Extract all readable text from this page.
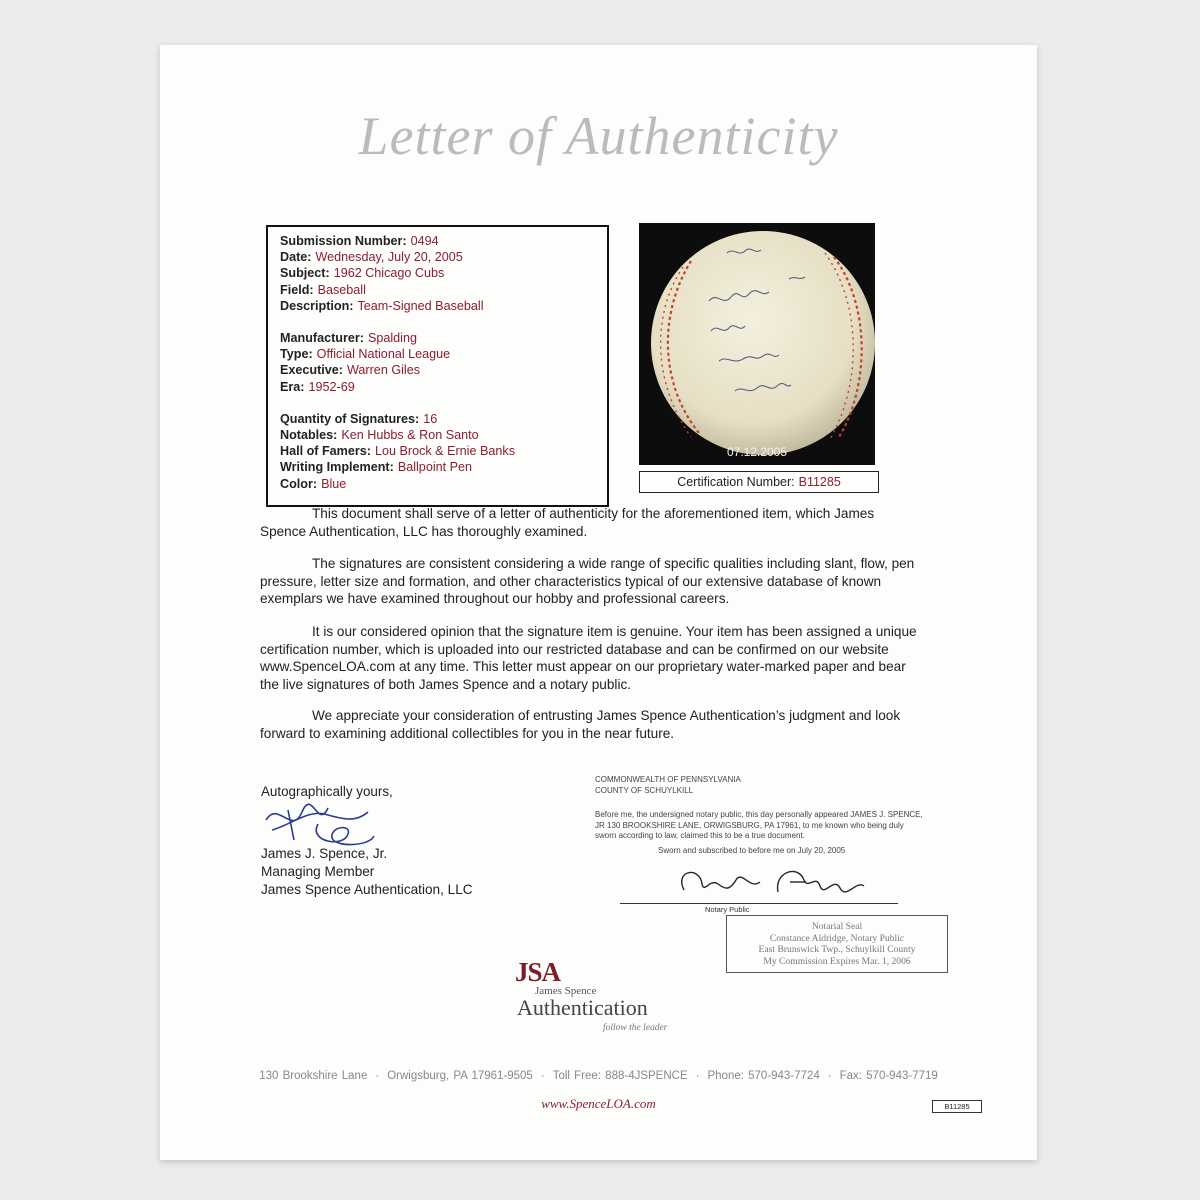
Letter of Authenticity
Submission Number: 0494
Date: Wednesday, July 20, 2005
Subject: 1962 Chicago Cubs
Field: Baseball
Description: Team-Signed Baseball
Manufacturer: Spalding
Type: Official National League
Executive: Warren Giles
Era: 1952-69
Quantity of Signatures: 16
Notables: Ken Hubbs & Ron Santo
Hall of Famers: Lou Brock & Ernie Banks
Writing Implement: Ballpoint Pen
Color: Blue
07.12.2005
Certification Number: B11285

This document shall serve of a letter of authenticity for the aforementioned item, which James Spence Authentication, LLC has thoroughly examined.

The signatures are consistent considering a wide range of specific qualities including slant, flow, pen pressure, letter size and formation, and other characteristics typical of our extensive database of known exemplars we have examined throughout our hobby and professional careers.

It is our considered opinion that the signature item is genuine. Your item has been assigned a unique certification number, which is uploaded into our restricted database and can be confirmed on our website www.SpenceLOA.com at any time. This letter must appear on our proprietary water-marked paper and bear the live signatures of both James Spence and a notary public.

We appreciate your consideration of entrusting James Spence Authentication’s judgment and look forward to examining additional collectibles for you in the near future.

Autographically yours,
James J. Spence, Jr.
Managing Member
James Spence Authentication, LLC
COMMONWEALTH OF PENNSYLVANIA
COUNTY OF SCHUYLKILL
Before me, the undersigned notary public, this day personally appeared JAMES J. SPENCE, JR 130 BROOKSHIRE LANE, ORWIGSBURG, PA 17961, to me known who being duly sworn according to law, claimed this to be a true document.
Sworn and subscribed to before me on July 20, 2005
Notary Public
Notarial Seal
Constance Aldridge, Notary Public
East Brunswick Twp., Schuylkill County
My Commission Expires Mar. 1, 2006
JSA
James Spence
Authentication
follow the leader
130 Brookshire Lane · Orwigsburg, PA 17961-9505 · Toll Free: 888-4JSPENCE · Phone: 570-943-7724 · Fax: 570-943-7719
www.SpenceLOA.com	B11285
